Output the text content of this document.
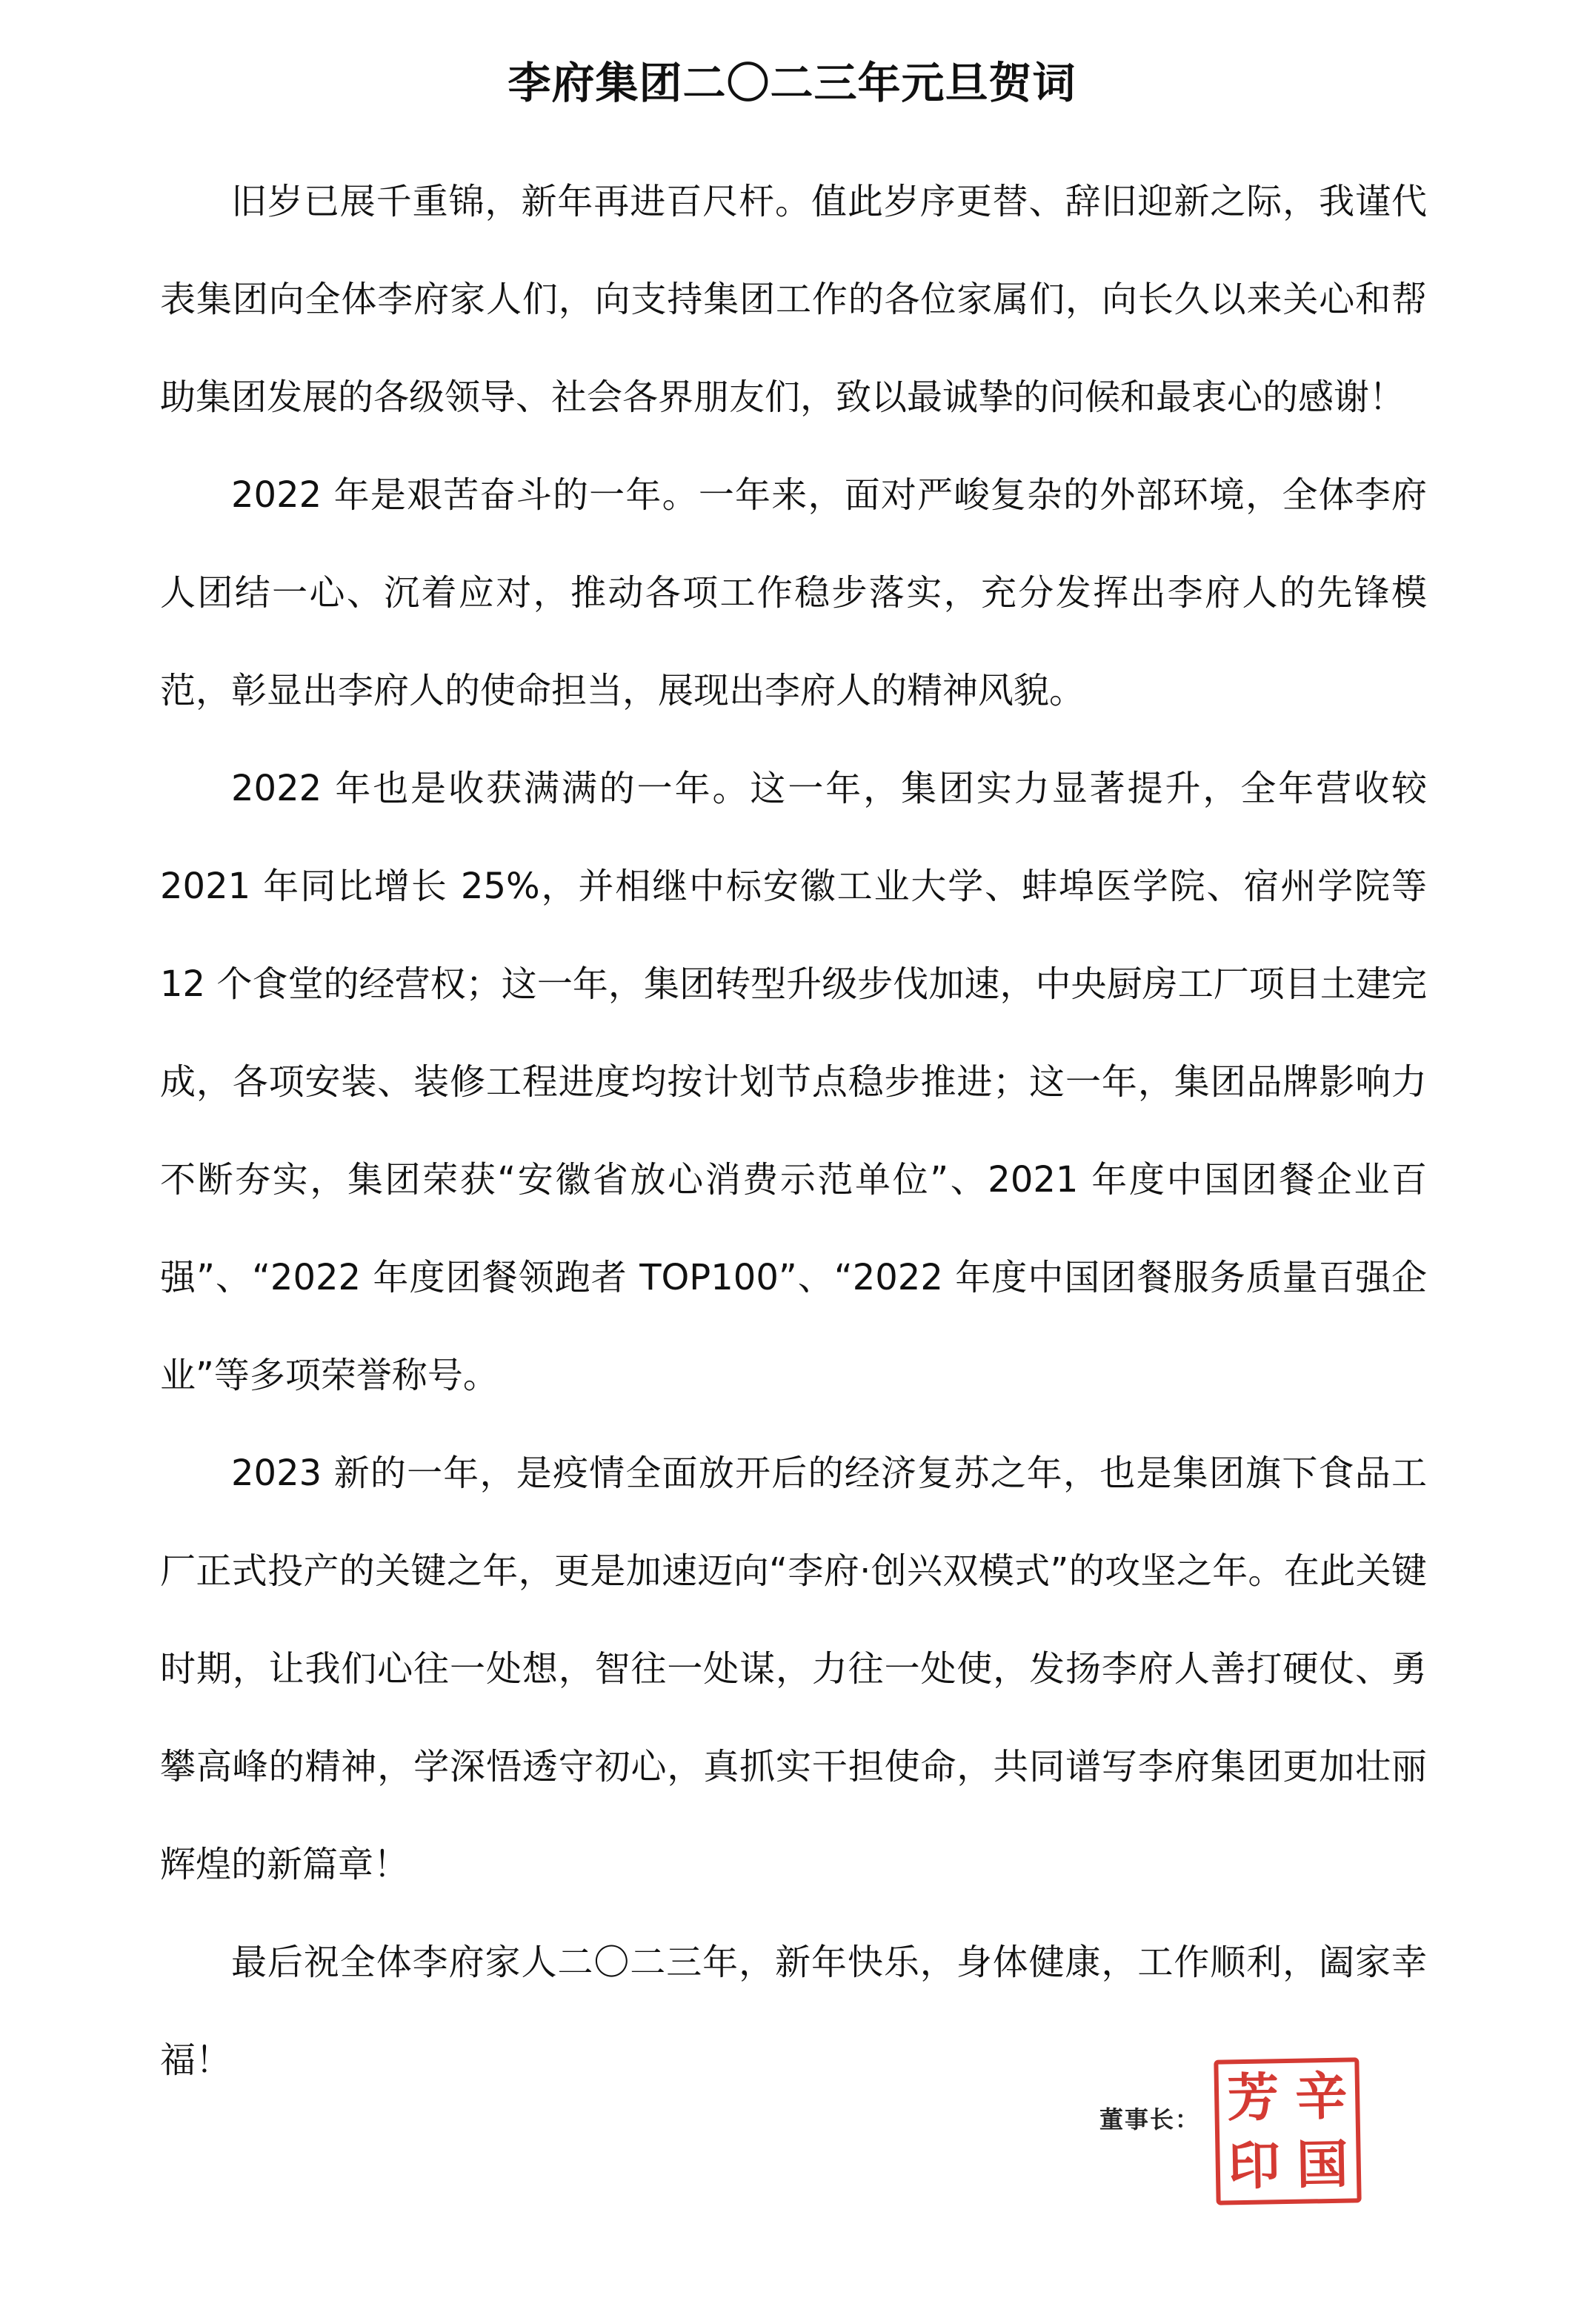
李府集团二〇二三年元旦贺词

旧岁已展千重锦，新年再进百尺杆。值此岁序更替、辞旧迎新之际，我谨代表集团向全体李府家人们，向支持集团工作的各位家属们，向长久以来关心和帮助集团发展的各级领导、社会各界朋友们，致以最诚挚的问候和最衷心的感谢！

2022 年是艰苦奋斗的一年。一年来，面对严峻复杂的外部环境，全体李府人团结一心、沉着应对，推动各项工作稳步落实，充分发挥出李府人的先锋模范，彰显出李府人的使命担当，展现出李府人的精神风貌。

2022 年也是收获满满的一年。这一年，集团实力显著提升，全年营收较 2021 年同比增长 25%，并相继中标安徽工业大学、蚌埠医学院、宿州学院等 12 个食堂的经营权；这一年，集团转型升级步伐加速，中央厨房工厂项目土建完成，各项安装、装修工程进度均按计划节点稳步推进；这一年，集团品牌影响力不断夯实，集团荣获“安徽省放心消费示范单位”、2021 年度中国团餐企业百强”、“2022 年度团餐领跑者 TOP100”、“2022 年度中国团餐服务质量百强企业”等多项荣誉称号。

2023 新的一年，是疫情全面放开后的经济复苏之年，也是集团旗下食品工厂正式投产的关键之年，更是加速迈向“李府·创兴双模式”的攻坚之年。在此关键时期，让我们心往一处想，智往一处谋，力往一处使，发扬李府人善打硬仗、勇攀高峰的精神，学深悟透守初心，真抓实干担使命，共同谱写李府集团更加壮丽辉煌的新篇章！

最后祝全体李府家人二〇二三年，新年快乐，身体健康，工作顺利，阖家幸福！

董事长： 辛
国
芳
印
